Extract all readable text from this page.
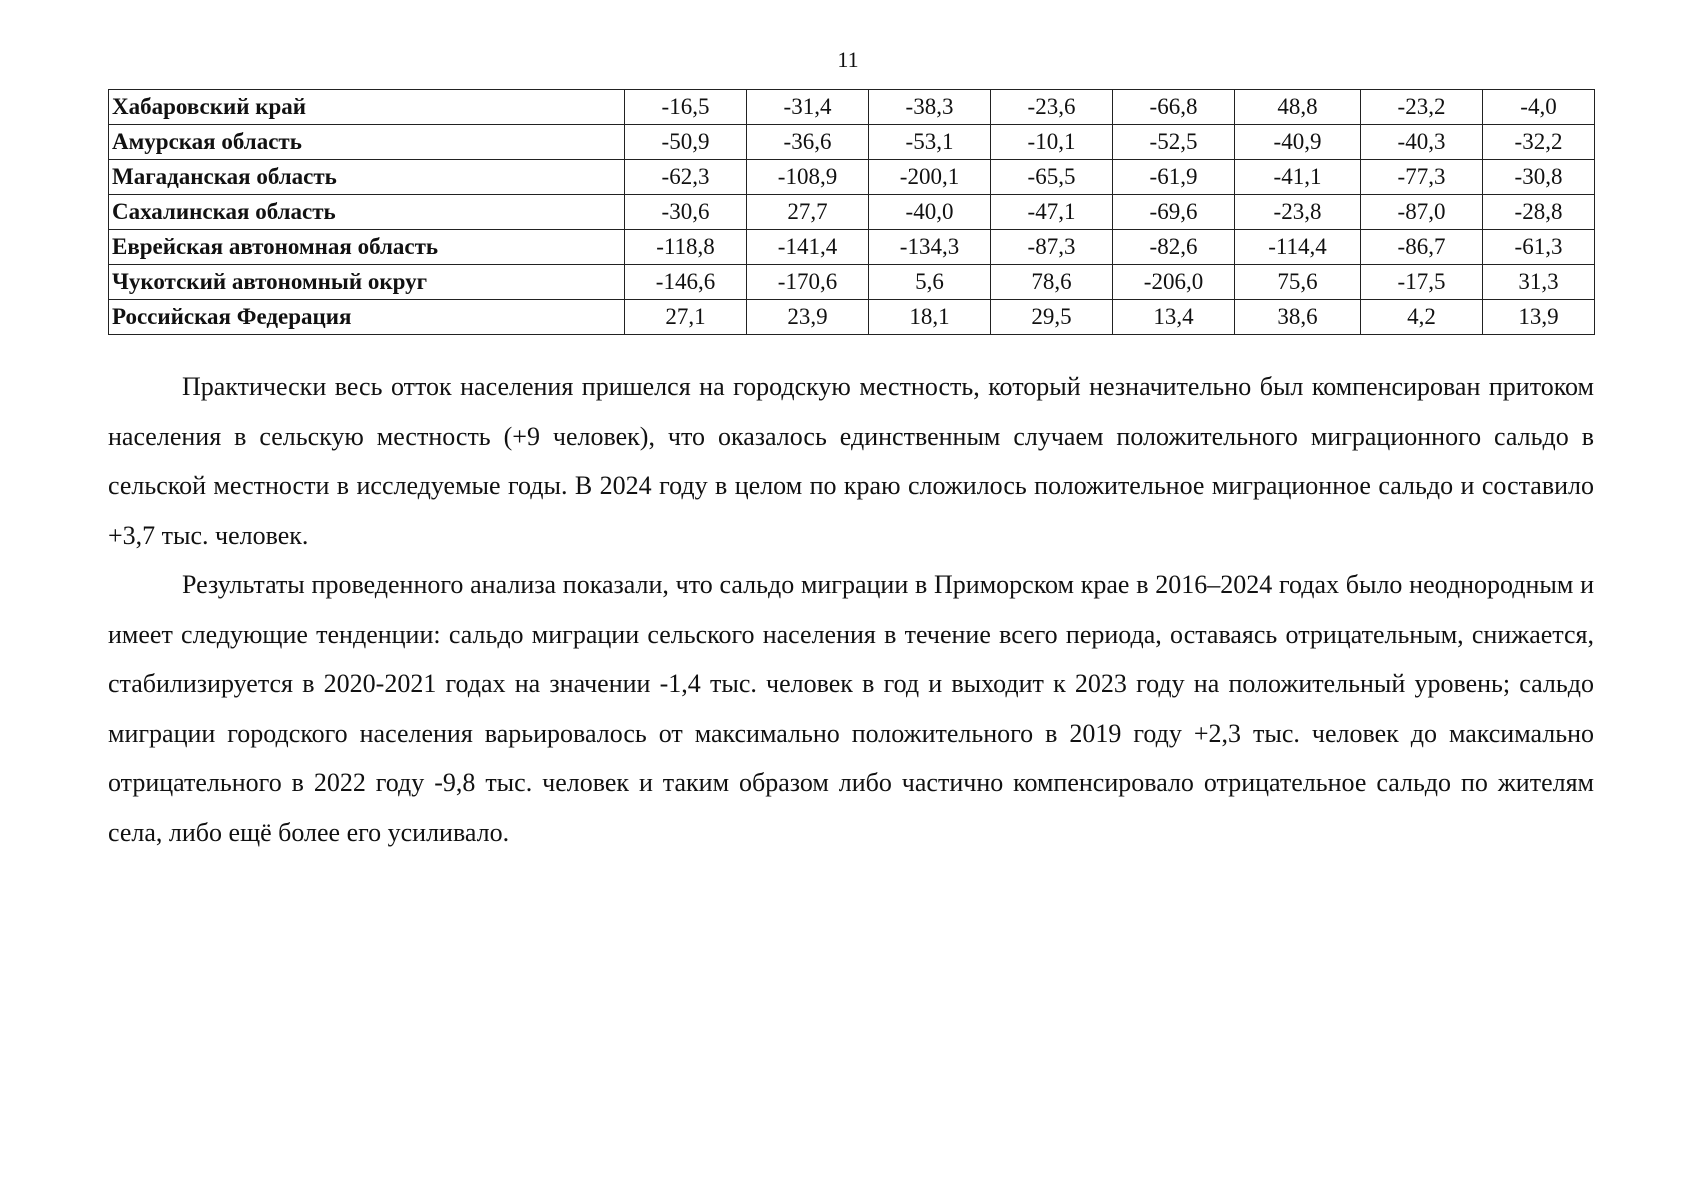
11
Хабаровский край	-16,5	-31,4	-38,3	-23,6	-66,8	48,8	-23,2	-4,0
Амурская область	-50,9	-36,6	-53,1	-10,1	-52,5	-40,9	-40,3	-32,2
Магаданская область	-62,3	-108,9	-200,1	-65,5	-61,9	-41,1	-77,3	-30,8
Сахалинская область	-30,6	27,7	-40,0	-47,1	-69,6	-23,8	-87,0	-28,8
Еврейская автономная область	-118,8	-141,4	-134,3	-87,3	-82,6	-114,4	-86,7	-61,3
Чукотский автономный округ	-146,6	-170,6	5,6	78,6	-206,0	75,6	-17,5	31,3
Российская Федерация	27,1	23,9	18,1	29,5	13,4	38,6	4,2	13,9

Практически весь отток населения пришелся на городскую местность, который незначительно был компенсирован притоком населения в сельскую местность (+9 человек), что оказалось единственным случаем положительного миграционного сальдо в сельской местности в исследуемые годы. В 2024 году в целом по краю сложилось положительное миграционное сальдо и составило +3,7 тыс. человек.

Результаты проведенного анализа показали, что сальдо миграции в Приморском крае в 2016–2024 годах было неоднородным и имеет следующие тенденции: сальдо миграции сельского населения в течение всего периода, оставаясь отрицательным, снижается, стабилизируется в 2020-2021 годах на значении -1,4 тыс. человек в год и выходит к 2023 году на положительный уровень; сальдо миграции городского населения варьировалось от максимально положительного в 2019 году +2,3 тыс. человек до максимально отрицательного в 2022 году -9,8 тыс. человек и таким образом либо частично компенсировало отрицательное сальдо по жителям села, либо ещё более его усиливало.
